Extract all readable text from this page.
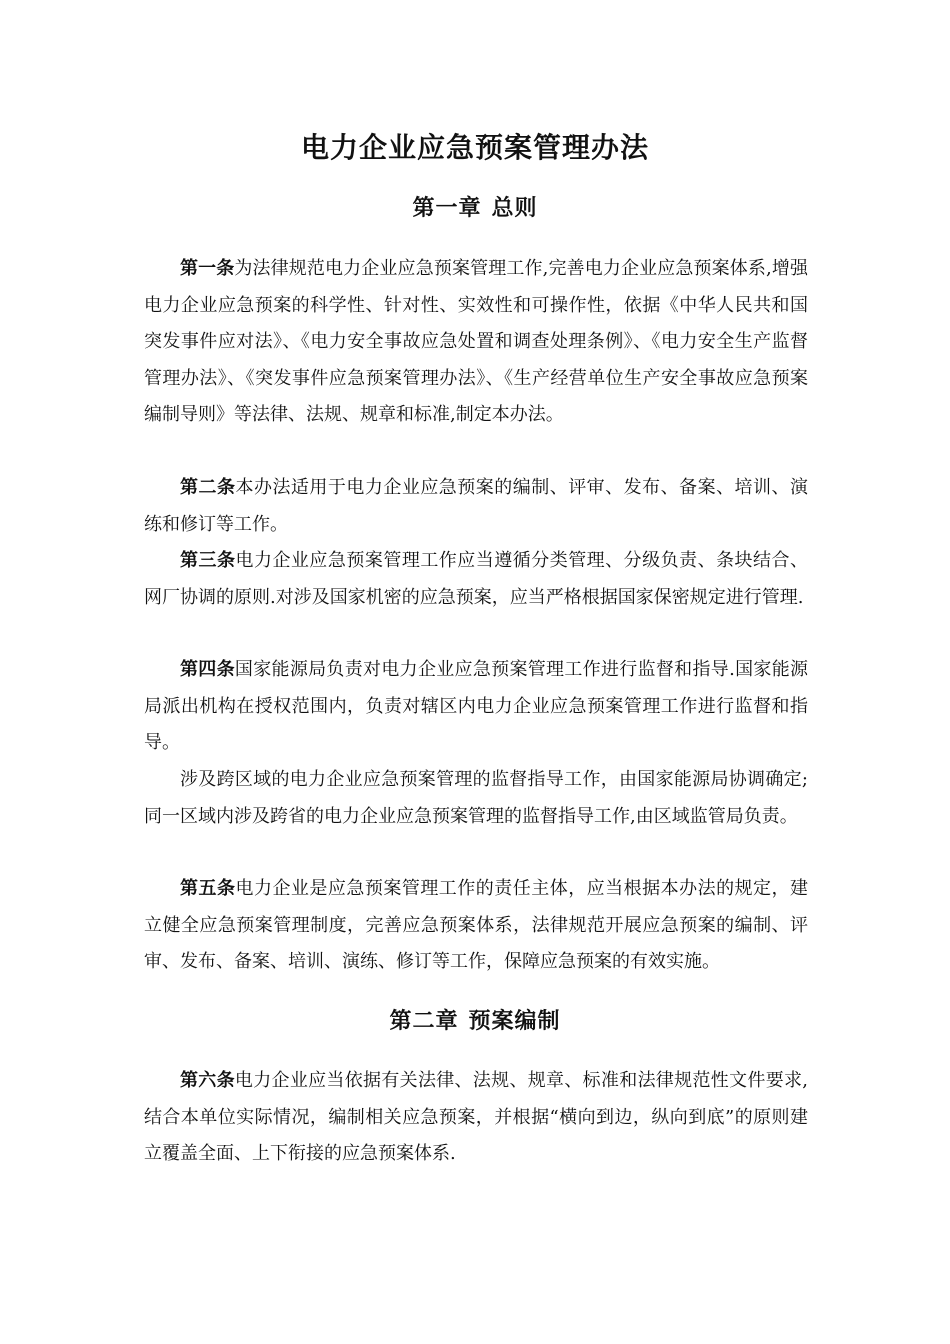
电力企业应急预案管理办法
第一章 总则

第一条为法律规范电力企业应急预案管理工作,完善电力企业应急预案体系,增强电力企业应急预案的科学性、针对性、实效性和可操作性，依据《中华人民共和国突发事件应对法》、《电力安全事故应急处置和调查处理条例》、《电力安全生产监督管理办法》、《突发事件应急预案管理办法》、《生产经营单位生产安全事故应急预案编制导则》等法律、法规、规章和标准,制定本办法。

第二条本办法适用于电力企业应急预案的编制、评审、发布、备案、培训、演练和修订等工作。

第三条电力企业应急预案管理工作应当遵循分类管理、分级负责、条块结合、网厂协调的原则.对涉及国家机密的应急预案，应当严格根据国家保密规定进行管理.

第四条国家能源局负责对电力企业应急预案管理工作进行监督和指导.国家能源局派出机构在授权范围内，负责对辖区内电力企业应急预案管理工作进行监督和指导。

涉及跨区域的电力企业应急预案管理的监督指导工作，由国家能源局协调确定;同一区域内涉及跨省的电力企业应急预案管理的监督指导工作,由区域监管局负责。

第五条电力企业是应急预案管理工作的责任主体，应当根据本办法的规定，建立健全应急预案管理制度，完善应急预案体系，法律规范开展应急预案的编制、评审、发布、备案、培训、演练、修订等工作，保障应急预案的有效实施。

第二章 预案编制

第六条电力企业应当依据有关法律、法规、规章、标准和法律规范性文件要求,结合本单位实际情况，编制相关应急预案，并根据“横向到边，纵向到底”的原则建立覆盖全面、上下衔接的应急预案体系.
